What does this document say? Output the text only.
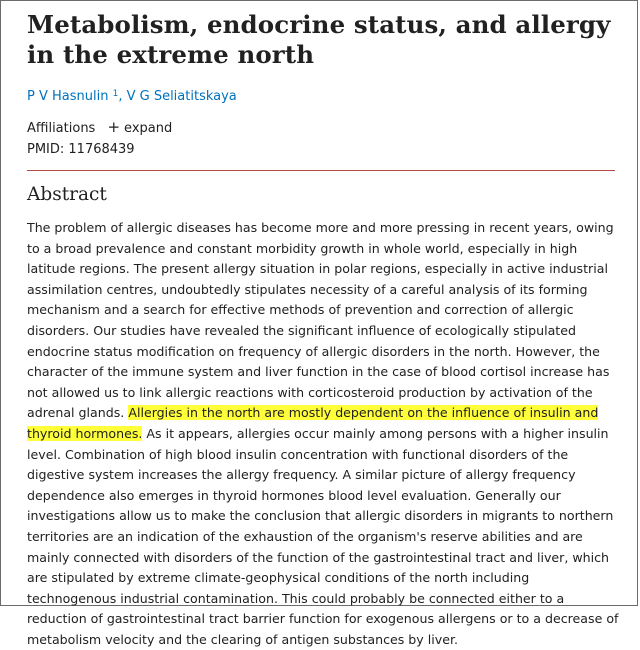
Metabolism, endocrine status, and allergy in the extreme north
P V Hasnulin $^1$, V G Seliatitskaya
Affiliations + expand
PMID: 11768439
Abstract

The problem of allergic diseases has become more and more pressing in recent years, owing to a broad prevalence and constant morbidity growth in whole world, especially in high latitude regions. The present allergy situation in polar regions, especially in active industrial assimilation centres, undoubtedly stipulates necessity of a careful analysis of its forming mechanism and a search for effective methods of prevention and correction of allergic disorders. Our studies have revealed the significant influence of ecologically stipulated endocrine status modification on frequency of allergic disorders in the north. However, the character of the immune system and liver function in the case of blood cortisol increase has not allowed us to link allergic reactions with corticosteroid production by activation of the adrenal glands. Allergies in the north are mostly dependent on the influence of insulin and thyroid hormones. As it appears, allergies occur mainly among persons with a higher insulin level. Combination of high blood insulin concentration with functional disorders of the digestive system increases the allergy frequency. A similar picture of allergy frequency dependence also emerges in thyroid hormones blood level evaluation. Generally our investigations allow us to make the conclusion that allergic disorders in migrants to northern territories are an indication of the exhaustion of the organism's reserve abilities and are mainly connected with disorders of the function of the gastrointestinal tract and liver, which are stipulated by extreme climate-geophysical conditions of the north including technogenous industrial contamination. This could probably be connected either to a reduction of gastrointestinal tract barrier function for exogenous allergens or to a decrease of metabolism velocity and the clearing of antigen substances by liver.
